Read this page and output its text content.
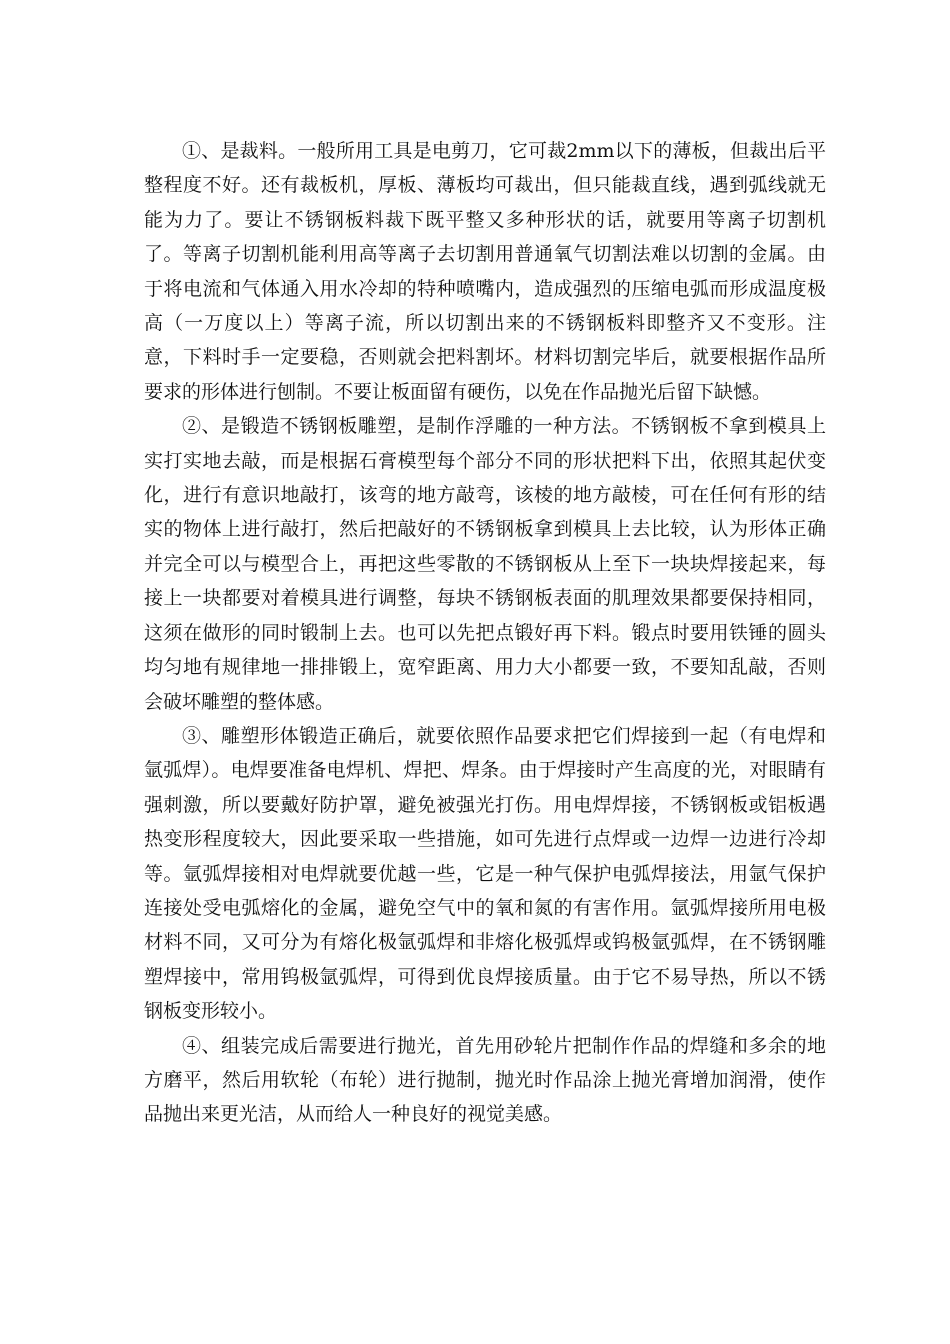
①、是裁料。一般所用工具是电剪刀，它可裁2mm以下的薄板，但裁出后平整程度不好。还有裁板机，厚板、薄板均可裁出，但只能裁直线，遇到弧线就无能为力了。要让不锈钢板料裁下既平整又多种形状的话，就要用等离子切割机了。等离子切割机能利用高等离子去切割用普通氧气切割法难以切割的金属。由于将电流和气体通入用水冷却的特种喷嘴内，造成强烈的压缩电弧而形成温度极高（一万度以上）等离子流，所以切割出来的不锈钢板料即整齐又不变形。注意，下料时手一定要稳，否则就会把料割坏。材料切割完毕后，就要根据作品所要求的形体进行刨制。不要让板面留有硬伤，以免在作品抛光后留下缺憾。

②、是锻造不锈钢板雕塑，是制作浮雕的一种方法。不锈钢板不拿到模具上实打实地去敲，而是根据石膏模型每个部分不同的形状把料下出，依照其起伏变化，进行有意识地敲打，该弯的地方敲弯，该棱的地方敲棱，可在任何有形的结实的物体上进行敲打，然后把敲好的不锈钢板拿到模具上去比较，认为形体正确并完全可以与模型合上，再把这些零散的不锈钢板从上至下一块块焊接起来，每接上一块都要对着模具进行调整，每块不锈钢板表面的肌理效果都要保持相同，这须在做形的同时锻制上去。也可以先把点锻好再下料。锻点时要用铁锤的圆头均匀地有规律地一排排锻上，宽窄距离、用力大小都要一致，不要知乱敲，否则会破坏雕塑的整体感。

③、雕塑形体锻造正确后，就要依照作品要求把它们焊接到一起（有电焊和氩弧焊）。电焊要准备电焊机、焊把、焊条。由于焊接时产生高度的光，对眼睛有强刺激，所以要戴好防护罩，避免被强光打伤。用电焊焊接，不锈钢板或铝板遇热变形程度较大，因此要采取一些措施，如可先进行点焊或一边焊一边进行冷却等。氩弧焊接相对电焊就要优越一些，它是一种气保护电弧焊接法，用氩气保护连接处受电弧熔化的金属，避免空气中的氧和氮的有害作用。氩弧焊接所用电极材料不同，又可分为有熔化极氩弧焊和非熔化极弧焊或钨极氩弧焊，在不锈钢雕塑焊接中，常用钨极氩弧焊，可得到优良焊接质量。由于它不易导热，所以不锈钢板变形较小。

④、组装完成后需要进行抛光，首先用砂轮片把制作作品的焊缝和多余的地方磨平，然后用软轮（布轮）进行抛制，抛光时作品涂上抛光膏增加润滑，使作品抛出来更光洁，从而给人一种良好的视觉美感。
